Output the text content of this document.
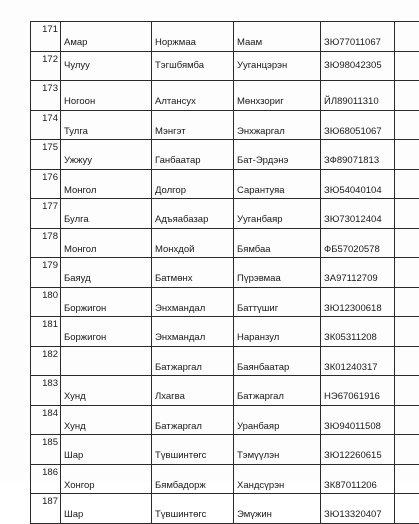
171	Амар	Норжмаа	Маам	ЗЮ77011067	
172	Чулуу	Тэгшбямба	Ууганцэрэн	ЗЮ98042305	
173	Ногоон	Алтансух	Мөнхзориг	ЙЛ89011310	
174	Тулга	Мэнгэт	Энхжаргал	ЗЮ68051067	
175	Ужжуу	Ганбаатар	Бат-Эрдэнэ	ЗФ89071813	
176	Монгол	Долгор	Сарантуяа	ЗЮ54040104	
177	Булга	Адъяабазар	Ууганбаяр	ЗЮ73012404	
178	Монгол	Монхдой	Бямбаа	ФБ57020578	
179	Баяуд	Батмөнх	Пүрэвмаа	ЗА97112709	
180	Боржигон	Энхмандал	Баттүшиг	ЗЮ12300618	
181	Боржигон	Энхмандал	Наранзул	ЗК05311208	
182		Батжаргал	Баянбаатар	ЗК01240317	
183	Хунд	Лхагва	Батжаргал	НЭ67061916	
184	Хунд	Батжаргал	Уранбаяр	ЗЮ94011508	
185	Шар	Түвшинтөгс	Тэмүүлэн	ЗЮ12260615	
186	Хонгор	Бямбадорж	Хандсүрэн	ЗК87011206	
187	Шар	Түвшинтөгс	Эмүжин	ЗЮ13320407	
